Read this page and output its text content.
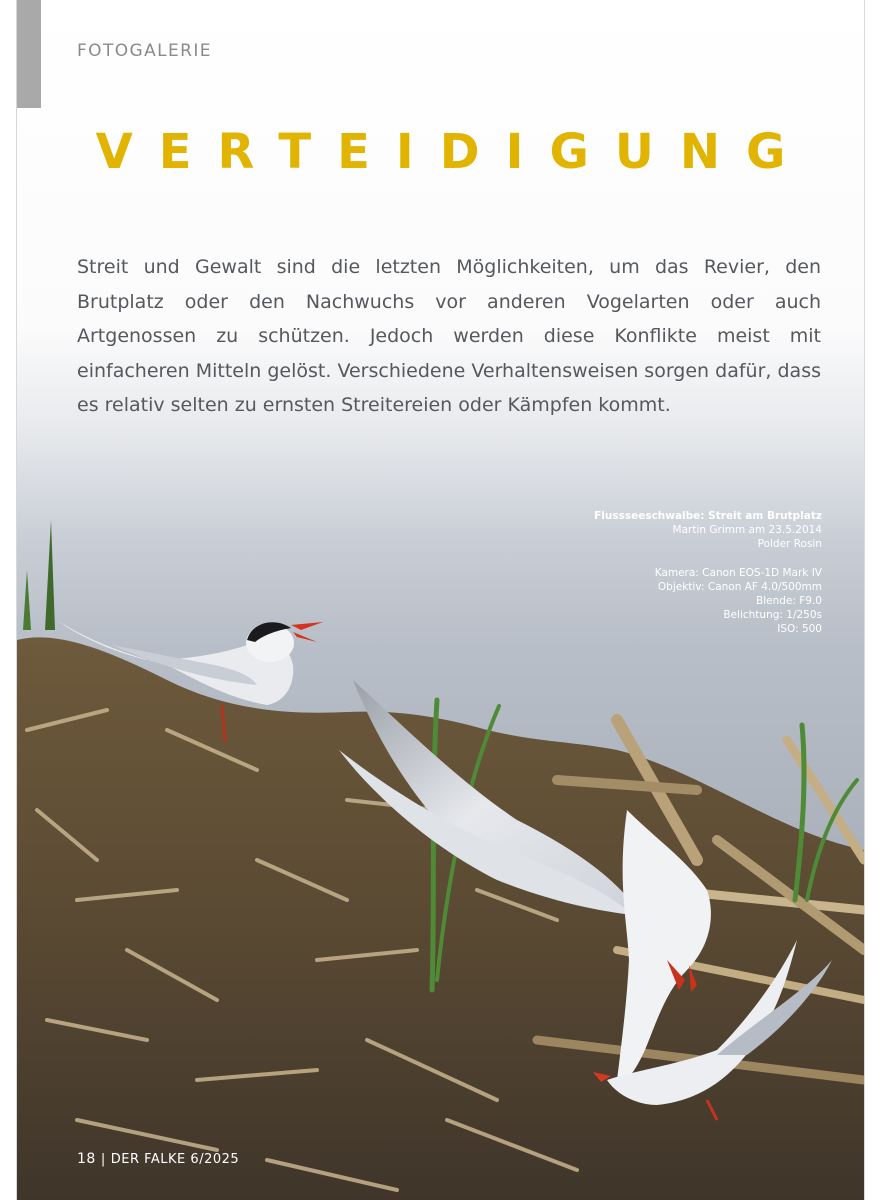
FOTOGALERIE
VERTEIDIGUNG

Streit und Gewalt sind die letzten Möglichkeiten, um das Revier, den Brutplatz oder den Nachwuchs vor anderen Vogelarten oder auch Artgenossen zu schützen. Jedoch werden diese Konflikte meist mit einfacheren Mitteln gelöst. Verschiedene Verhaltensweisen sorgen dafür, dass es relativ selten zu ernsten Streitereien oder Kämpfen kommt.

Flussseeschwalbe: Streit am Brutplatz
Martin Grimm am 23.5.2014
Polder Rosin
Kamera: Canon EOS-1D Mark IV
Objektiv: Canon AF 4.0/500mm
Blende: F9.0
Belichtung: 1/250s
ISO: 500
18 | DER FALKE 6/2025
